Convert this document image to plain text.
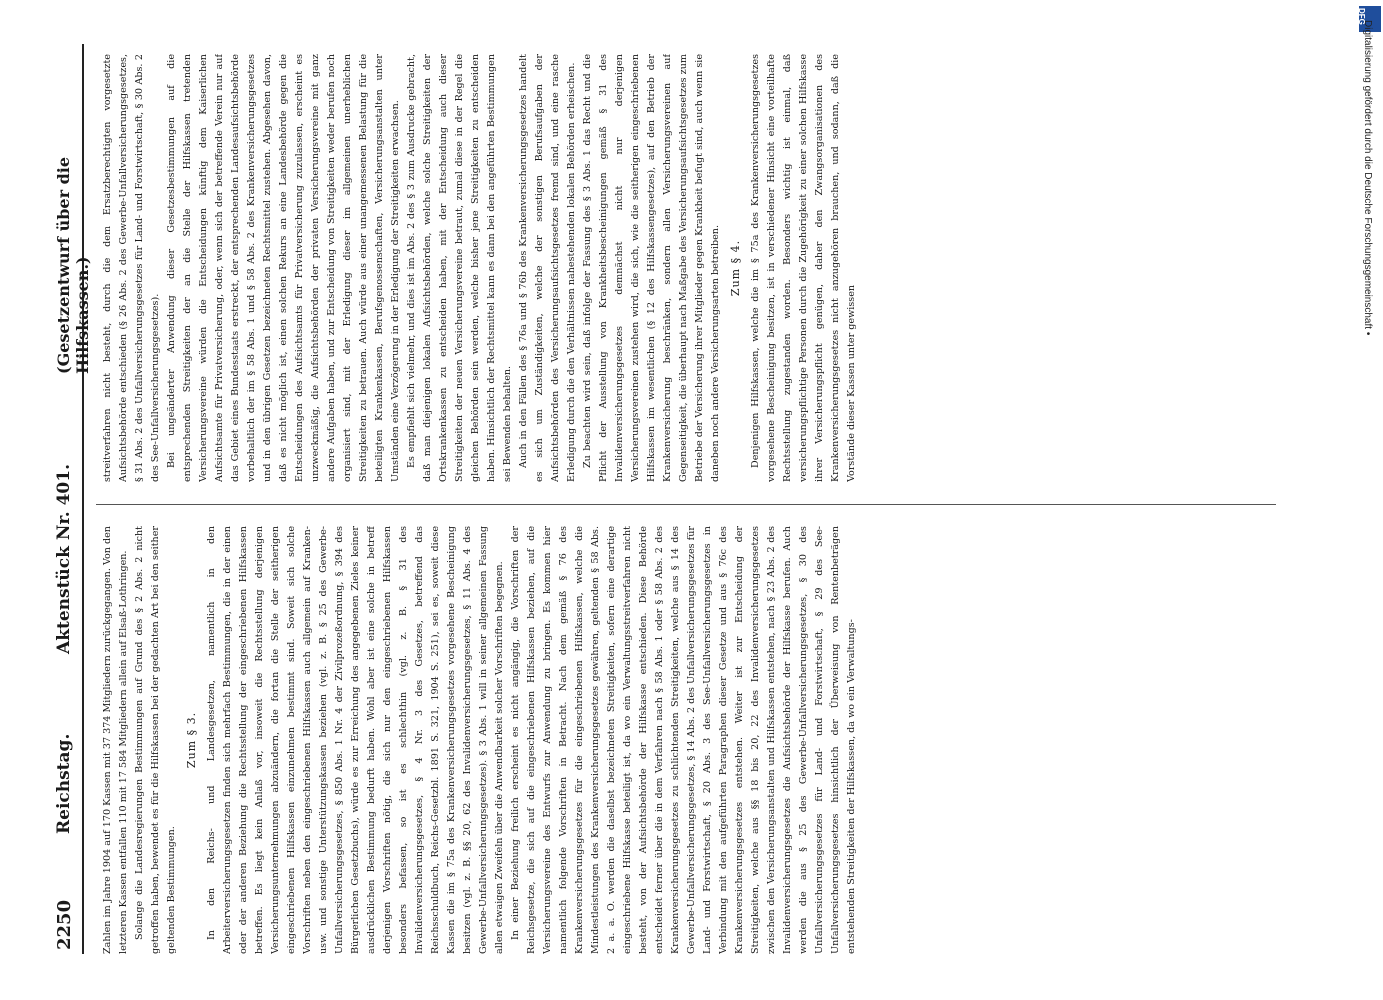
2250
Reichstag.
Aktenstück Nr. 401.
(Gesetzentwurf über die Hilfskassen.)

Zahlen im Jahre 1904 auf 170 Kassen mit 37 374 Mitgliedern zurückgegangen. Von den letzteren Kassen entfallen 110 mit 17 584 Mitgliedern allein auf Elsaß-Lothringen. Solange die Landesregierungen Bestimmungen auf Grund des § 2 Abs. 2 nicht getroffen haben, bewendet es für die Hilfskassen bei der gedachten Art bei den seither geltenden Bestimmungen.

Zum § 3. In den Reichs- und Landesgesetzen, namentlich in den Arbeiterversicherungsgesetzen finden sich mehrfach Bestimmungen, die in der einen oder der anderen Beziehung die Rechtsstellung der eingeschriebenen Hilfskassen betreffen. Es liegt kein Anlaß vor, insoweit die Rechtsstellung derjenigen Versicherungsunternehmungen abzuändern, die fortan die Stelle der seitherigen eingeschriebenen Hilfskassen einzunehmen bestimmt sind. Soweit sich solche Vorschriften neben den eingeschriebenen Hilfskassen auch allgemein auf Kranken- usw. und sonstige Unterstützungskassen beziehen (vgl. z. B. § 25 des Gewerbe-Unfallversicherungsgesetzes, § 850 Abs. 1 Nr. 4 der Zivilprozeßordnung, § 394 des Bürgerlichen Gesetzbuchs), würde es zur Erreichung des angegebenen Zieles keiner ausdrücklichen Bestimmung bedurft haben. Wohl aber ist eine solche in betreff derjenigen Vorschriften nötig, die sich nur den eingeschriebenen Hilfskassen besonders befassen, so ist es schlechthin (vgl. z. B. § 31 des Invalidenversicherungsgesetzes, § 4 Nr. 3 des Gesetzes, betreffend das Reichsschuldbuch, Reichs-Gesetzbl. 1891 S. 321, 1904 S. 251), sei es, soweit diese Kassen die im § 75a des Krankenversicherungsgesetzes vorgesehene Bescheinigung besitzen (vgl. z. B. §§ 20, 62 des Invalidenversicherungsgesetzes, § 11 Abs. 4 des Gewerbe-Unfallversicherungsgesetzes). § 3 Abs. 1 will in seiner allgemeinen Fassung allen etwaigen Zweifeln über die Anwendbarkeit solcher Vorschriften begegnen. In einer Beziehung freilich erscheint es nicht angängig, die Vorschriften der Reichsgesetze, die sich auf die eingeschriebenen Hilfskassen beziehen, auf die Versicherungsvereine des Entwurfs zur Anwendung zu bringen. Es kommen hier namentlich folgende Vorschriften in Betracht. Nach dem gemäß § 76 des Krankenversicherungsgesetzes für die eingeschriebenen Hilfskassen, welche die Mindestleistungen des Krankenversicherungsgesetzes gewähren, geltenden § 58 Abs. 2 a. a. O. werden die daselbst bezeichneten Streitigkeiten, sofern eine derartige eingeschriebene Hilfskasse beteiligt ist, da wo ein Verwaltungsstreitverfahren nicht besteht, von der Aufsichtsbehörde der Hilfskasse entschieden. Diese Behörde entscheidet ferner über die in dem Verfahren nach § 58 Abs. 1 oder § 58 Abs. 2 des Krankenversicherungsgesetzes zu schlichtenden Streitigkeiten, welche aus § 14 des Gewerbe-Unfallversicherungsgesetzes, § 14 Abs. 2 des Unfallversicherungsgesetzes für Land- und Forstwirtschaft, § 20 Abs. 3 des See-Unfallversicherungsgesetzes in Verbindung mit den aufgeführten Paragraphen dieser Gesetze und aus § 76c des Krankenversicherungsgesetzes entstehen. Weiter ist zur Entscheidung der Streitigkeiten, welche aus §§ 18 bis 20, 22 des Invalidenversicherungsgesetzes zwischen den Versicherungsanstalten und Hilfskassen entstehen, nach § 23 Abs. 2 des Invalidenversicherungsgesetzes die Aufsichtsbehörde der Hilfskasse berufen. Auch werden die aus § 25 des Gewerbe-Unfallversicherungsgesetzes, § 30 des Unfallversicherungsgesetzes für Land- und Forstwirtschaft, § 29 des See-Unfallversicherungsgesetzes hinsichtlich der Überweisung von Rentenbeträgen entstehenden Streitigkeiten der Hilfskassen, da wo ein Verwaltungs-

streitverfahren nicht besteht, durch die dem Ersatzberechtigten vorgesetzte Aufsichtsbehörde entschieden (§ 26 Abs. 2 des Gewerbe-Unfallversicherungsgesetzes, § 31 Abs. 2 des Unfallversicherungsgesetzes für Land- und Forstwirtschaft, § 30 Abs. 2 des See-Unfallversicherungsgesetzes). Bei ungeänderter Anwendung dieser Gesetzesbestimmungen auf die entsprechenden Streitigkeiten der an die Stelle der Hilfskassen tretenden Versicherungsvereine würden die Entscheidungen künftig dem Kaiserlichen Aufsichtsamte für Privatversicherung, oder, wenn sich der betreffende Verein nur auf das Gebiet eines Bundesstaats erstreckt, der entsprechenden Landesaufsichtsbehörde vorbehaltlich der im § 58 Abs. 1 und § 58 Abs. 2 des Krankenversicherungsgesetzes und in den übrigen Gesetzen bezeichneten Rechtsmittel zustehen. Abgesehen davon, daß es nicht möglich ist, einen solchen Rekurs an eine Landesbehörde gegen die Entscheidungen des Aufsichtsamts für Privatversicherung zuzulassen, erscheint es unzweckmäßig, die Aufsichtsbehörden der privaten Versicherungsvereine mit ganz andere Aufgaben haben, und zur Entscheidung von Streitigkeiten weder berufen noch organisiert sind, mit der Erledigung dieser im allgemeinen unerheblichen Streitigkeiten zu betrauen. Auch würde aus einer unangemessenen Belastung für die beteiligten Krankenkassen, Berufsgenossenschaften, Versicherungsanstalten unter Umständen eine Verzögerung in der Erledigung der Streitigkeiten erwachsen. Es empfiehlt sich vielmehr, und dies ist im Abs. 2 des § 3 zum Ausdrucke gebracht, daß man diejenigen lokalen Aufsichtsbehörden, welche solche Streitigkeiten der Ortskrankenkassen zu entscheiden haben, mit der Entscheidung auch dieser Streitigkeiten der neuen Versicherungsvereine betraut, zumal diese in der Regel die gleichen Behörden sein werden, welche bisher jene Streitigkeiten zu entscheiden haben. Hinsichtlich der Rechtsmittel kann es dann bei den angeführten Bestimmungen sei Bewenden behalten. Auch in den Fällen des § 76a und § 76b des Krankenversicherungsgesetzes handelt es sich um Zuständigkeiten, welche der sonstigen Berufsaufgaben der Aufsichtsbehörden des Versicherungsaufsichtsgesetzes fremd sind, und eine rasche Erledigung durch die den Verhältnissen nahestehenden lokalen Behörden erheischen. Zu beachten wird sein, daß infolge der Fassung des § 3 Abs. 1 das Recht und die Pflicht der Ausstellung von Krankheitsbescheinigungen gemäß § 31 des Invalidenversicherungsgesetzes demnächst nicht nur derjenigen Versicherungsvereinen zustehen wird, die sich, wie die seitherigen eingeschriebenen Hilfskassen im wesentlichen (§ 12 des Hilfskassengesetzes), auf den Betrieb der Krankenversicherung beschränken, sondern allen Versicherungsvereinen auf Gegenseitigkeit, die überhaupt nach Maßgabe des Versicherungsaufsichtsgesetzes zum Betriebe der Versicherung ihrer Mitglieder gegen Krankheit befugt sind, auch wenn sie daneben noch andere Versicherungsarten betreiben. Zum § 4. Denjenigen Hilfskassen, welche die im § 75a des Krankenversicherungsgesetzes vorgesehene Bescheinigung besitzen, ist in verschiedener Hinsicht eine vorteilhafte Rechtsstellung zugestanden worden. Besonders wichtig ist einmal, daß versicherungspflichtige Personen durch die Zugehörigkeit zu einer solchen Hilfskasse ihrer Versicherungspflicht genügen, daher den Zwangsorganisationen des Krankenversicherungsgesetzes nicht anzugehören brauchen, und sodann, daß die Vorstände dieser Kassen unter gewissen

DFG
Digitalisierung gefördert durch die Deutsche Forschungsgemeinschaft •
